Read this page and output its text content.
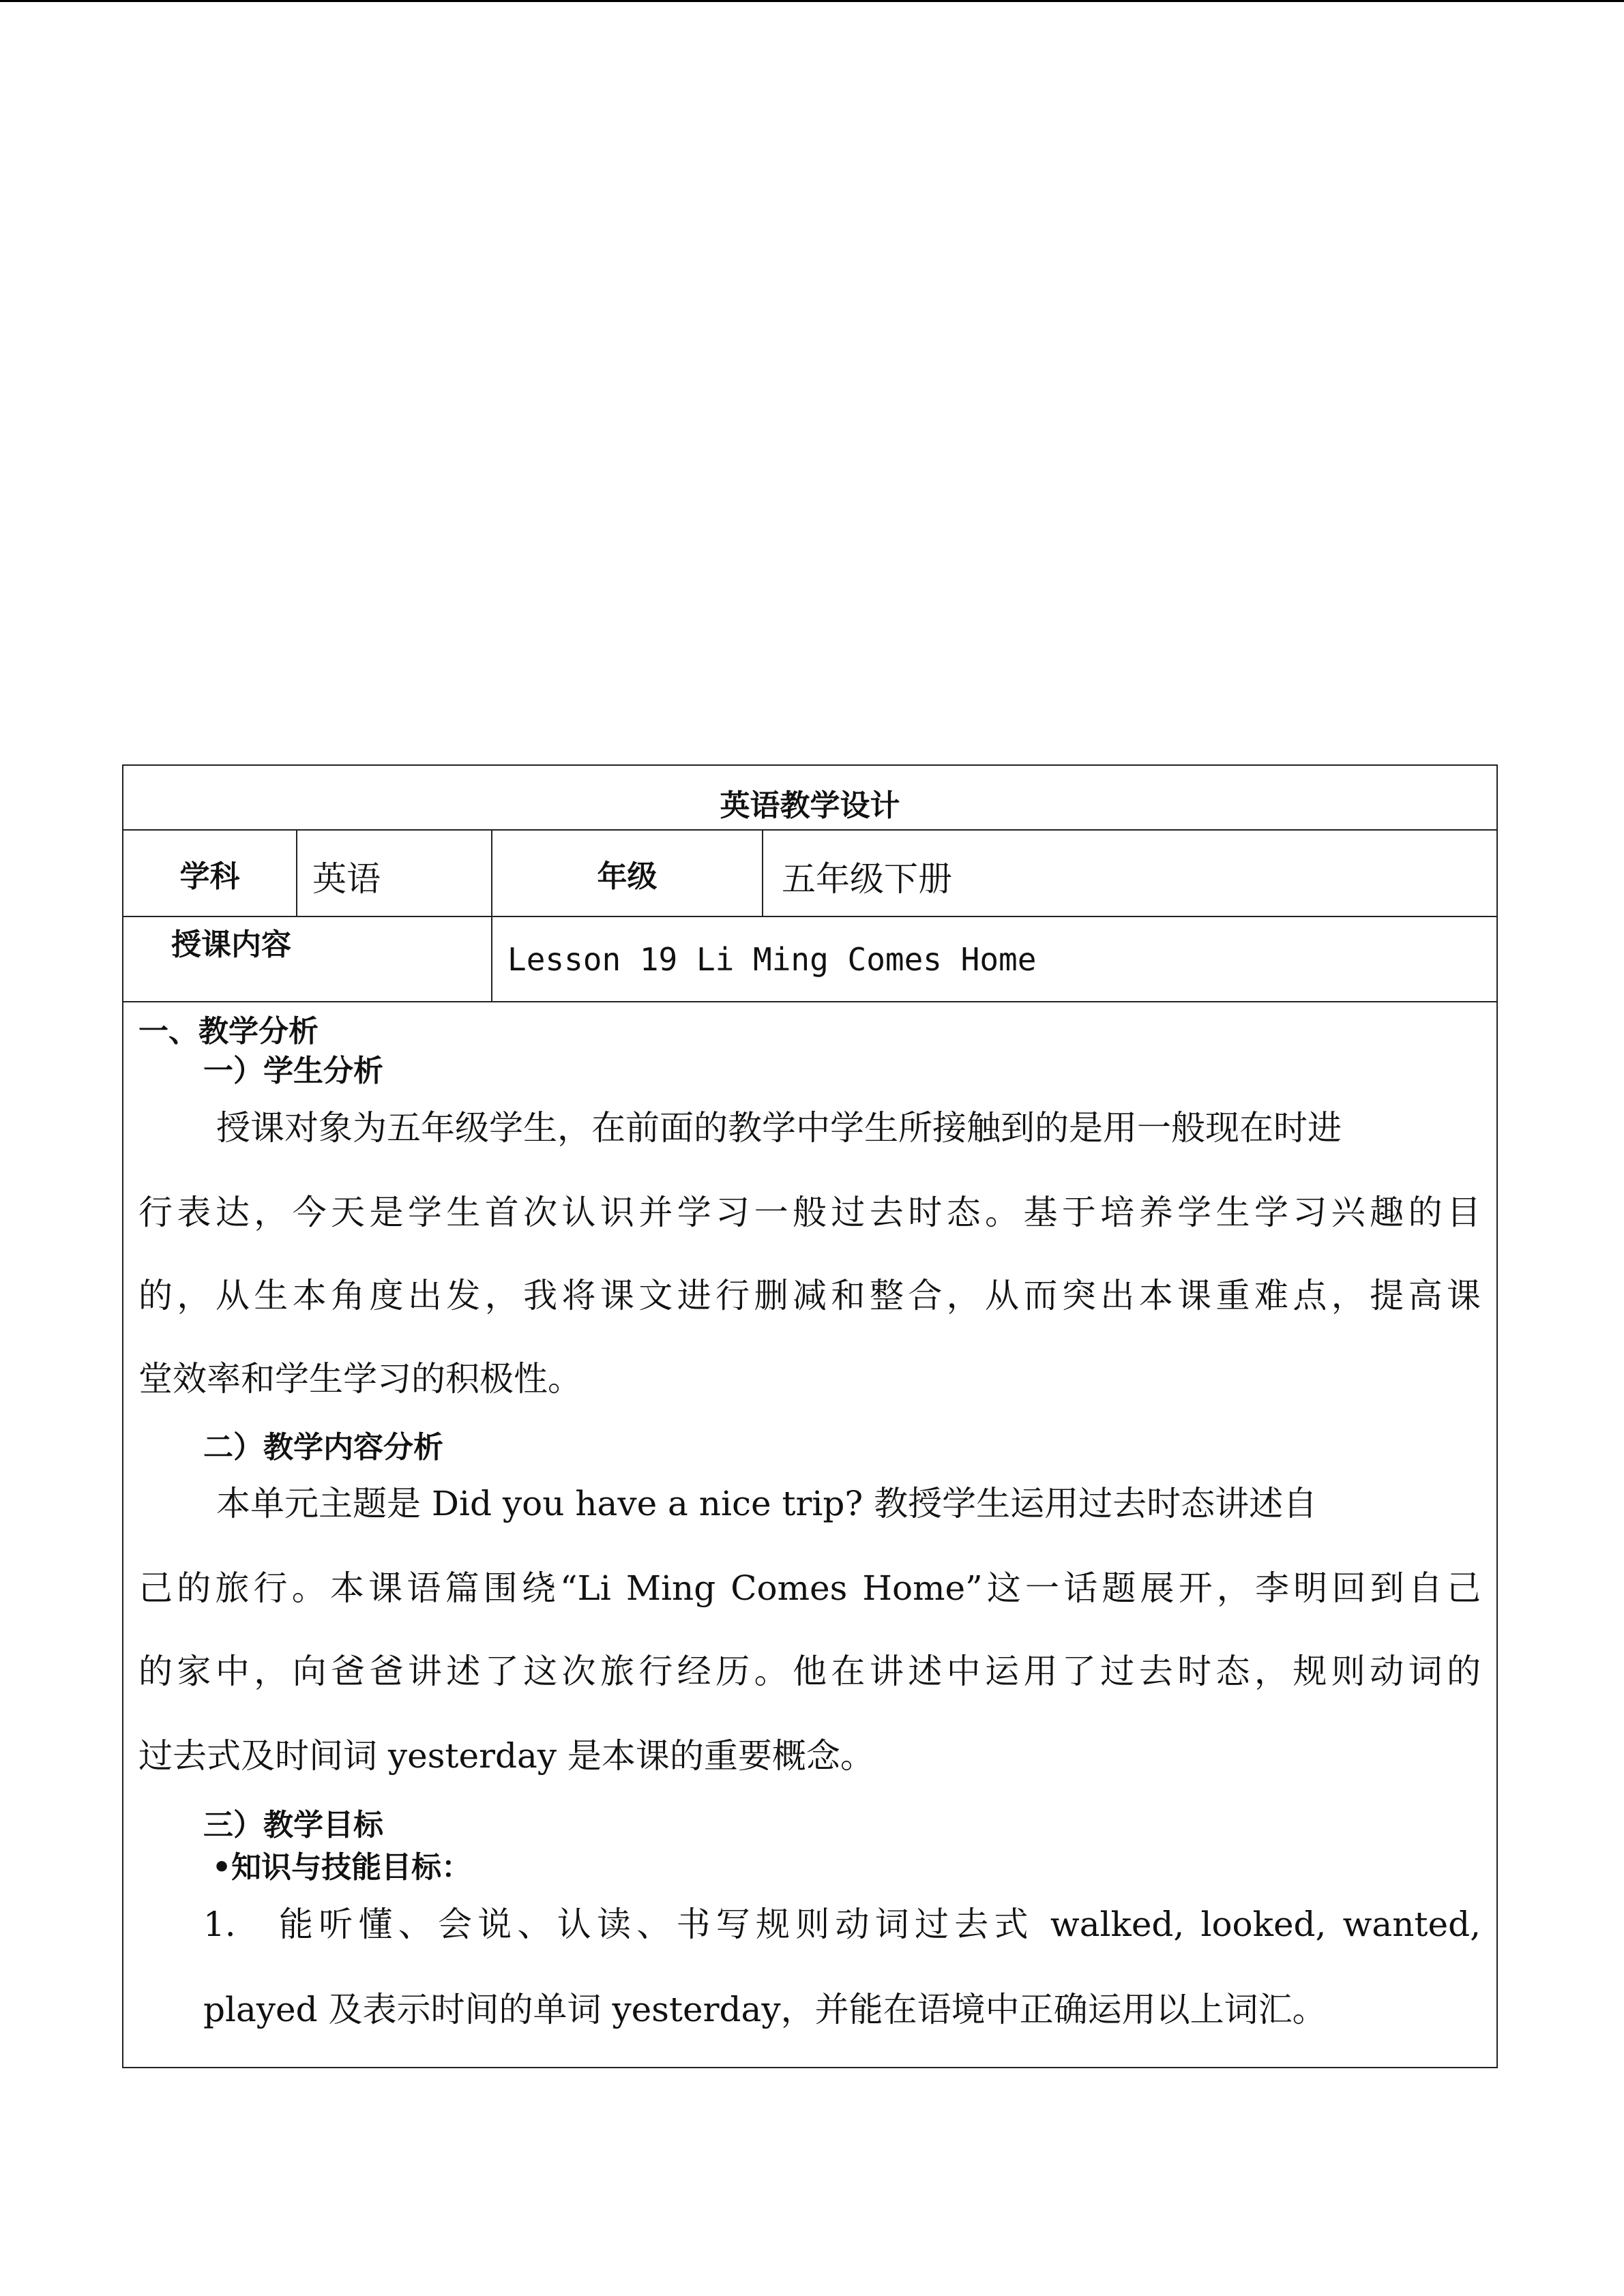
英语教学设计
学科	英语	年级	五年级下册
授课内容	Lesson 19 Li Ming Comes Home
一、教学分析
一）学生分析
授课对象为五年级学生，在前面的教学中学生所接触到的是用一般现在时进
行表达，今天是学生首次认识并学习一般过去时态。基于培养学生学习兴趣的目
的，从生本角度出发，我将课文进行删减和整合，从而突出本课重难点，提高课
堂效率和学生学习的积极性。
二）教学内容分析
本单元主题是 Did you have a nice trip? 教授学生运用过去时态讲述自
己的旅行。本课语篇围绕“Li Ming Comes Home”这一话题展开，李明回到自己
的家中，向爸爸讲述了这次旅行经历。他在讲述中运用了过去时态，规则动词的
过去式及时间词 yesterday 是本课的重要概念。
三）教学目标
•知识与技能目标：
1. 能听懂、会说、认读、书写规则动词过去式 walked, looked, wanted,
played 及表示时间的单词 yesterday，并能在语境中正确运用以上词汇。
